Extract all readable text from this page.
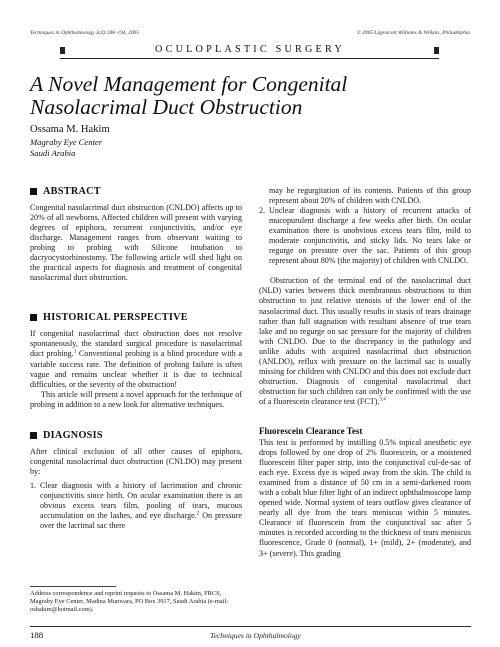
Techniques in Ophthalmology 3(4):188–194, 2005	© 2005 Lippincott Williams & Wilkins, Philadelphia
OCULOPLASTIC SURGERY
A Novel Management for Congenital
Nasolacrimal Duct Obstruction
Ossama M. Hakim
Magraby Eye Center
Saudi Arabia
ABSTRACT

Congenital nasolacrimal duct obstruction (CNLDO) affects up to 20% of all newborns. Affected children will present with varying degrees of epiphora, recurrent conjunctivitis, and/or eye discharge. Management ranges from observant waiting to probing to probing with Silicone intubation to dacryocystorhinostomy. The following article will shed light on the practical aspects for diagnosis and treatment of congenital nasolacrimal duct obstruction.

HISTORICAL PERSPECTIVE

If congenital nasolacrimal duct obstruction does not resolve spontaneously, the standard surgical procedure is nasolacrimal duct probing.$^1$ Conventional probing is a blind procedure with a variable success rate. The definition of probing failure is often vague and remains unclear whether it is due to technical difficulties, or the severity of the obstruction!

This article will present a novel approach for the technique of probing in addition to a new look for alternative techniques.

DIAGNOSIS

After clinical exclusion of all other causes of epiphora, congenital nasolacrimal duct obstruction (CNLDO) may present by:

1. Clear diagnosis with a history of lacrimation and chronic conjunctivitis since birth. On ocular examination there is an obvious excess tears film, pooling of tears, mucous accumulation on the lashes, and eye discharge.$^2$ On pressure over the lacrimal sac there
Address correspondence and reprint requests to Ossama M. Hakim, FRCS, Magraby Eye Center, Madina Munwara, PO Box 3917, Saudi Arabia (e-mail: oshakim@hotmail.com).
may be regurgitation of its contents. Patients of this group represent about 20% of children with CNLDO.
2. Unclear diagnosis with a history of recurrent attacks of mucopurulent discharge a few weeks after birth. On ocular examination there is unobvious excess tears film, mild to moderate conjunctivitis, and sticky lids. No tears lake or regurge on pressure over the sac. Patients of this group represent about 80% (the majority) of children with CNLDO.

Obstruction of the terminal end of the nasolacrimal duct (NLD) varies between thick membranous obstructions to thin obstruction to just relative stenosis of the lower end of the nasolacrimal duct. This usually results in stasis of tears drainage rather than full stagnation with resultant absence of true tears lake and no regurge on sac pressure for the majority of children with CNLDO. Due to the discrepancy in the pathology and unlike adults with acquired nasolacrimal duct obstruction (ANLDO), reflux with pressure on the lacrimal sac is usually missing for children with CNLDO and this does not exclude duct obstruction. Diagnosis of congenital nasolacrimal duct obstruction for such children can only be confirmed with the use of a fluorescein clearance test (FCT).$^{3,4}$

Fluorescein Clearance Test

This test is performed by instilling 0.5% topical anesthetic eye drops followed by one drop of 2% fluorescein, or a moistened fluorescein filter paper strip, into the conjunctival cul-de-sac of each eye. Excess dye is wiped away from the skin. The child is examined from a distance of 50 cm in a semi-darkened room with a cobalt blue filter light of an indirect ophthalmoscope lamp opened wide. Normal system of tears outflow gives clearance of nearly all dye from the tears meniscus within 5 minutes. Clearance of fluorescein from the conjunctival sac after 5 minutes is recorded according to the thickness of tears meniscus fluorescence, Grade 0 (normal), 1+ (mild), 2+ (moderate), and 3+ (severe). This grading

188	Techniques in Ophthalmology
